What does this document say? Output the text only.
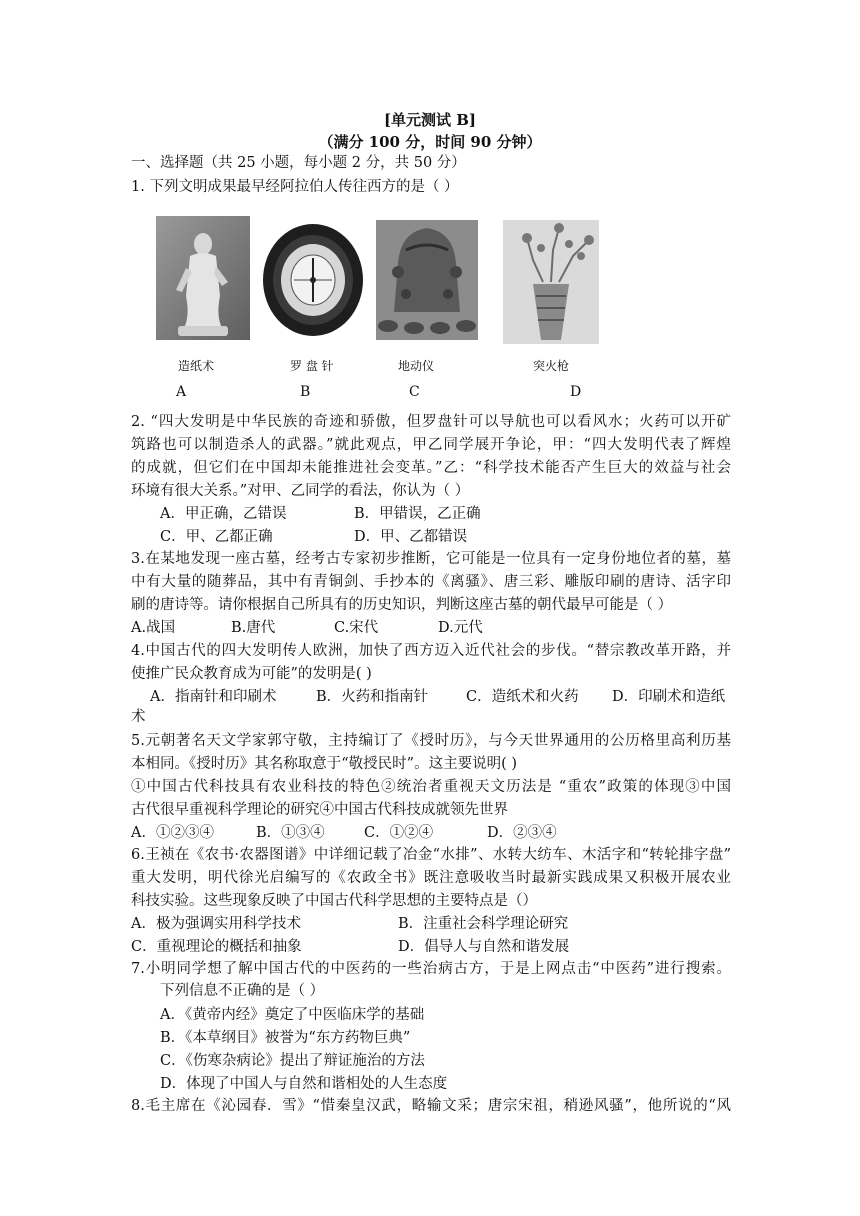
[单元测试 B]
（满分 100 分，时间 90 分钟）
一、选择题（共 25 小题，每小题 2 分，共 50 分）
1. 下列文明成果最早经阿拉伯人传往西方的是（ ）
造纸术	罗 盘 针	地动仪	突火枪
A	B	C	D
2. “四大发明是中华民族的奇迹和骄傲，但罗盘针可以导航也可以看风水；火药可以开矿
筑路也可以制造杀人的武器。”就此观点，甲乙同学展开争论，甲：“四大发明代表了辉煌
的成就，但它们在中国却未能推进社会变革。”乙：“科学技术能否产生巨大的效益与社会
环境有很大关系。”对甲、乙同学的看法，你认为（ ）
A．甲正确，乙错误	B．甲错误，乙正确
C．甲、乙都正确	D．甲、乙都错误
3.在某地发现一座古墓，经考古专家初步推断，它可能是一位具有一定身份地位者的墓，墓
中有大量的随葬品，其中有青铜剑、手抄本的《离骚》、唐三彩、雕版印刷的唐诗、活字印
刷的唐诗等。请你根据自己所具有的历史知识，判断这座古墓的朝代最早可能是（ ）
A.战国	B.唐代	C.宋代	D.元代
4.中国古代的四大发明传人欧洲，加快了西方迈入近代社会的步伐。“替宗教改革开路，并
使推广民众教育成为可能”的发明是( )
A．指南针和印刷术	B．火药和指南针	C．造纸术和火药 D．印刷术和造纸
术
5.元朝著名天文学家郭守敬，主持编订了《授时历》，与今天世界通用的公历格里高利历基
本相同。《授时历》其名称取意于“敬授民时”。这主要说明( )
①中国古代科技具有农业科技的特色②统治者重视天文历法是 “重农”政策的体现③中国
古代很早重视科学理论的研究④中国古代科技成就领先世界
A．①②③④	B．①③④	C．①②④	D．②③④
6.王祯在《农书·农器图谱》中详细记载了冶金“水排”、水转大纺车、木活字和“转轮排字盘”
重大发明，明代徐光启编写的《农政全书》既注意吸收当时最新实践成果又积极开展农业
科技实验。这些现象反映了中国古代科学思想的主要特点是（）
A．极为强调实用科学技术	B．注重社会科学理论研究
C．重视理论的概括和抽象	D．倡导人与自然和谐发展
7.小明同学想了解中国古代的中医药的一些治病古方，于是上网点击“中医药”进行搜索。
下列信息不正确的是（ ）
A．《黄帝内经》奠定了中医临床学的基础
B．《本草纲目》被誉为“东方药物巨典”
C．《伤寒杂病论》提出了辩证施治的方法
D．体现了中国人与自然和谐相处的人生态度
8.毛主席在《沁园春．雪》“惜秦皇汉武，略输文采；唐宗宋祖，稍逊风骚”，他所说的“风
